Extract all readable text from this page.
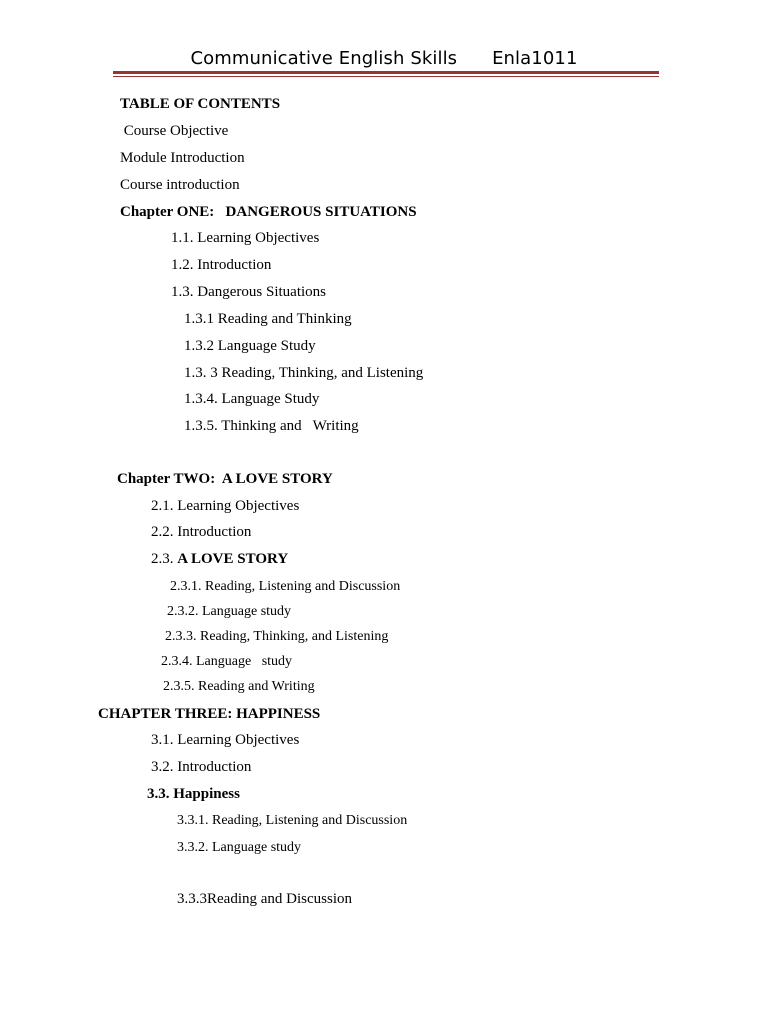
Communicative English Skills      Enla1011
TABLE OF CONTENTS
Course Objective
Module Introduction
Course introduction
Chapter ONE:   DANGEROUS SITUATIONS
1.1. Learning Objectives
1.2. Introduction
1.3. Dangerous Situations
1.3.1 Reading and Thinking
1.3.2 Language Study
1.3. 3 Reading, Thinking, and Listening
1.3.4. Language Study
1.3.5. Thinking and   Writing
Chapter TWO:  A LOVE STORY
2.1. Learning Objectives
2.2. Introduction
2.3. A LOVE STORY
2.3.1. Reading, Listening and Discussion
2.3.2. Language study
2.3.3. Reading, Thinking, and Listening
2.3.4. Language   study
2.3.5. Reading and Writing
CHAPTER THREE: HAPPINESS
3.1. Learning Objectives
3.2. Introduction
3.3. Happiness
3.3.1. Reading, Listening and Discussion
3.3.2. Language study
3.3.3Reading and Discussion
